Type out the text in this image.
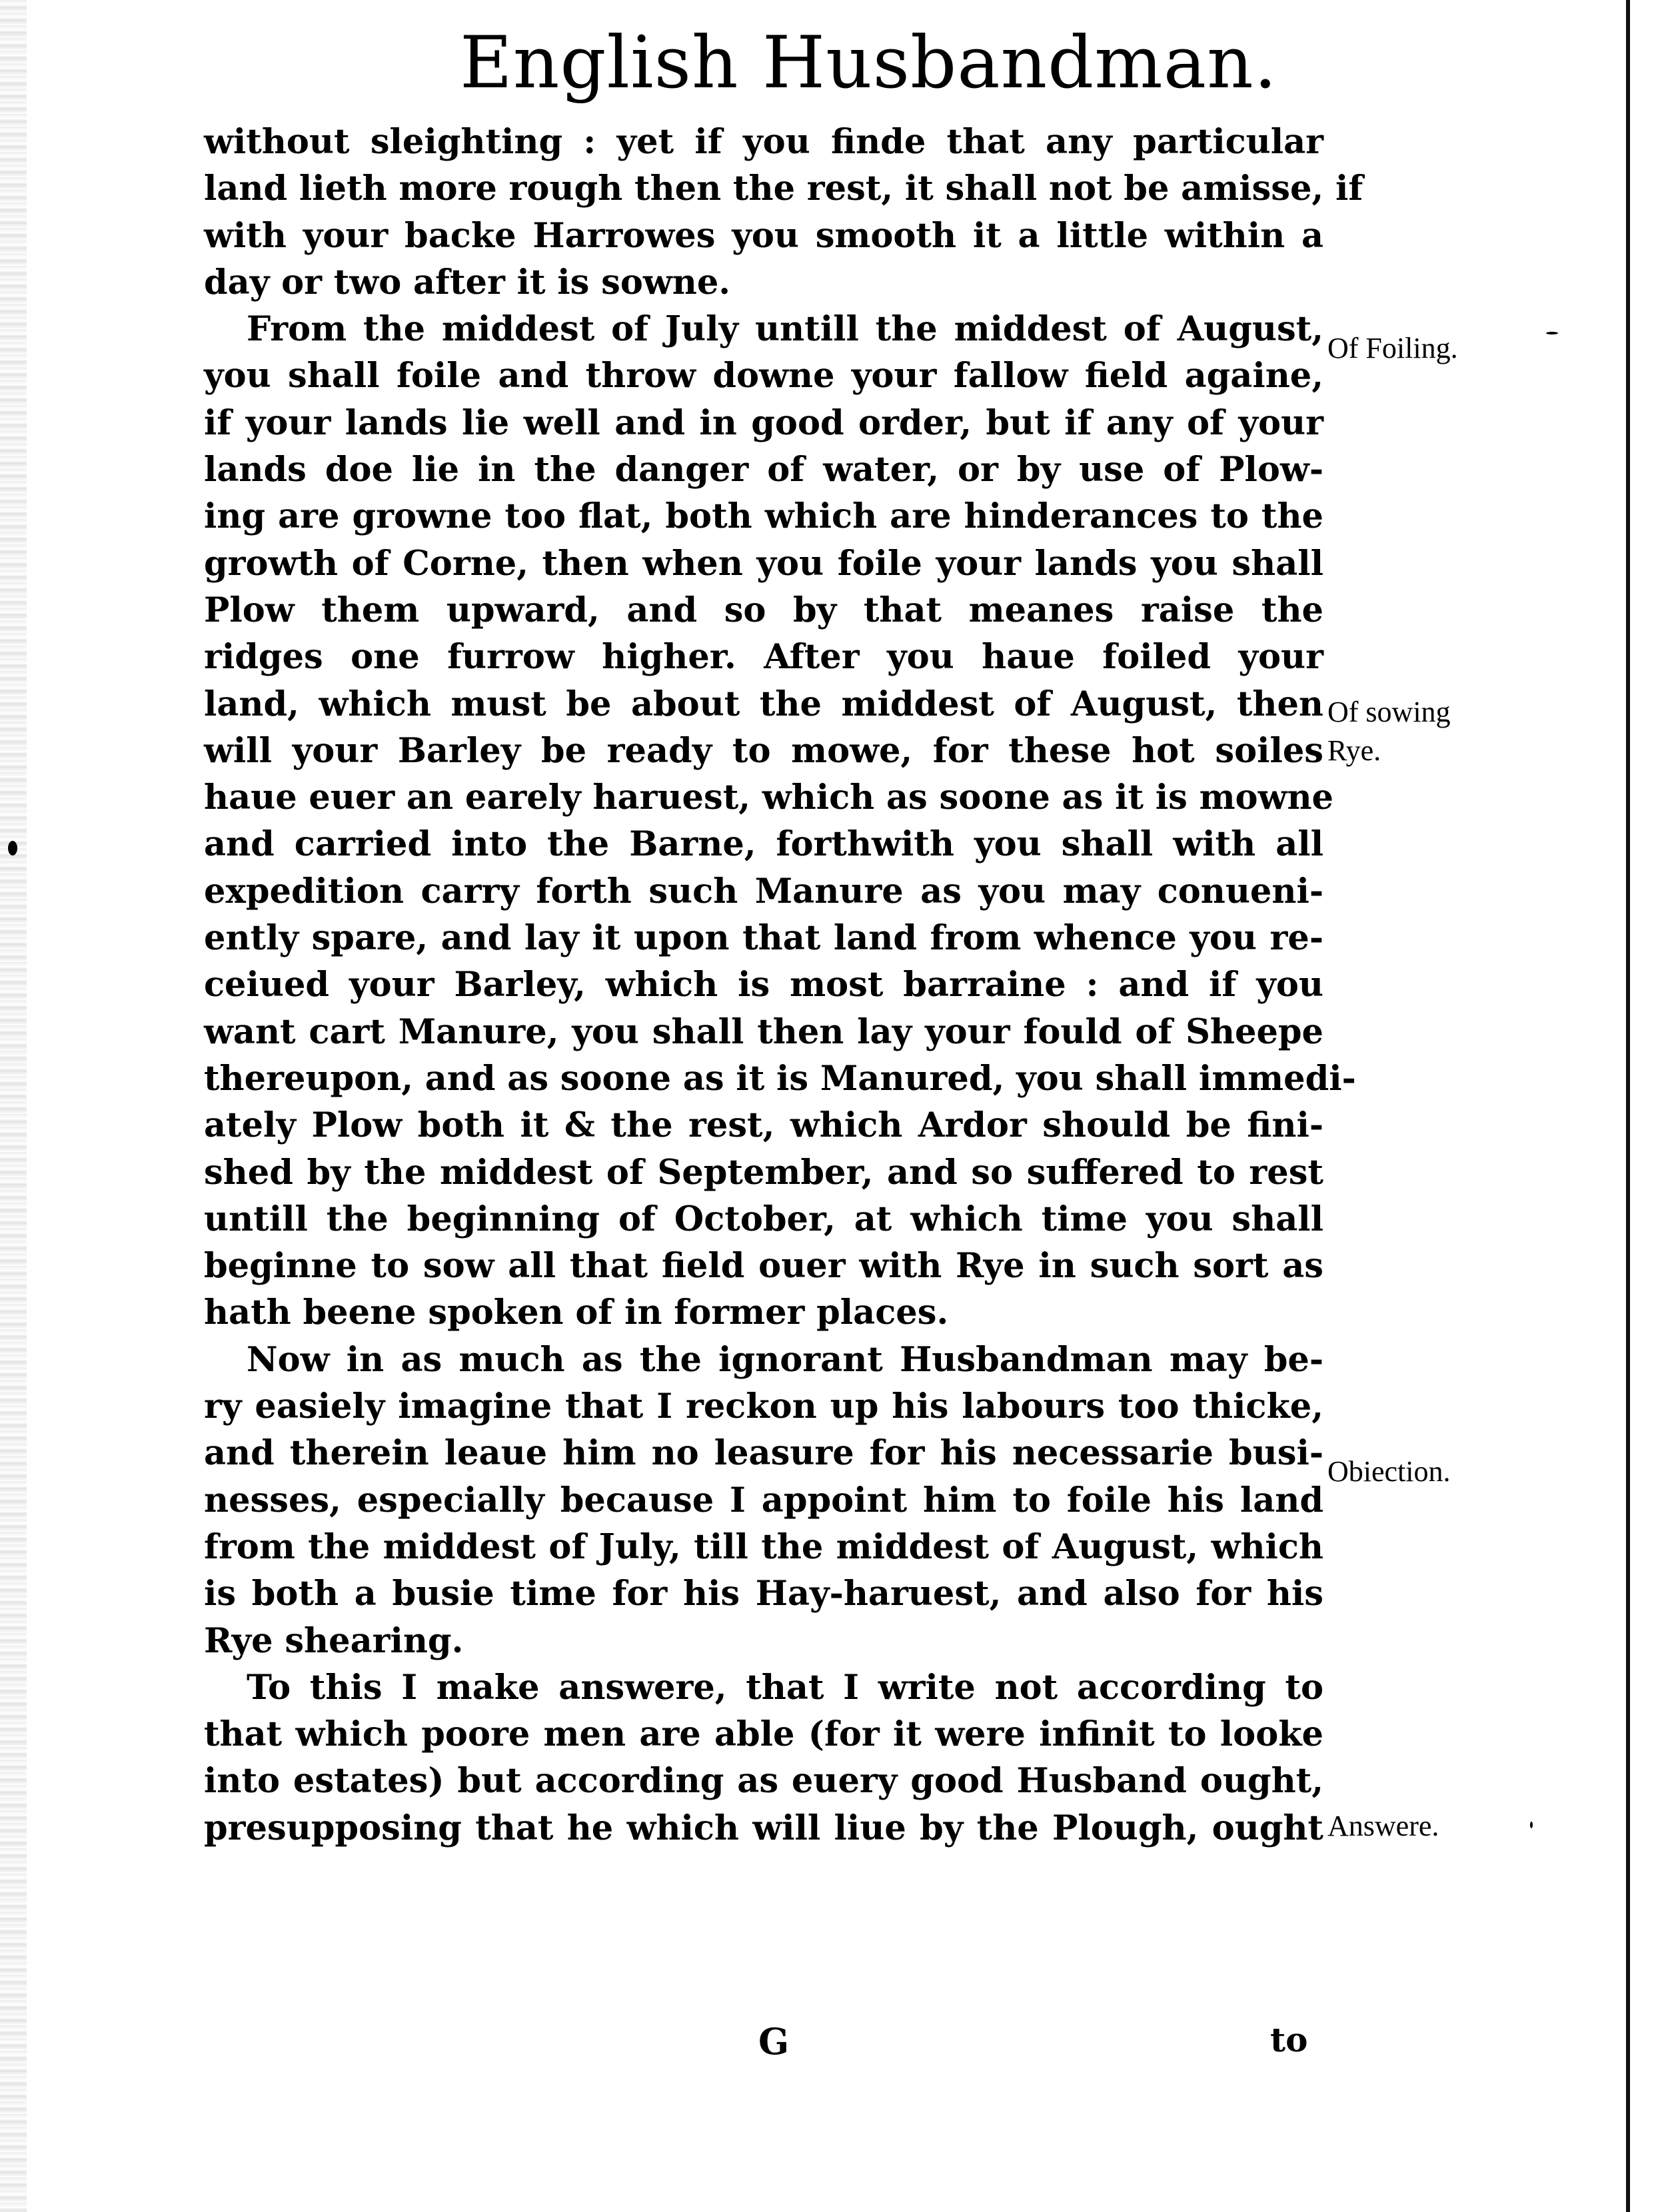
English Husbandman.
without sleighting : yet if you finde that any particular
land lieth more rough then the rest, it shall not be amisse, if
with your backe Harrowes you smooth it a little within a
day or two after it is sowne.
From the middest of July untill the middest of August,
you shall foile and throw downe your fallow field againe,
if your lands lie well and in good order, but if any of your
lands doe lie in the danger of water, or by use of Plow-
ing are growne too flat, both which are hinderances to the
growth of Corne, then when you foile your lands you shall
Plow them upward, and so by that meanes raise the
ridges one furrow higher. After you haue foiled your
land, which must be about the middest of August, then
will your Barley be ready to mowe, for these hot soiles
haue euer an earely haruest, which as soone as it is mowne
and carried into the Barne, forthwith you shall with all
expedition carry forth such Manure as you may conueni-
ently spare, and lay it upon that land from whence you re-
ceiued your Barley, which is most barraine : and if you
want cart Manure, you shall then lay your fould of Sheepe
thereupon, and as soone as it is Manured, you shall immedi-
ately Plow both it & the rest, which Ardor should be fini-
shed by the middest of September, and so suffered to rest
untill the beginning of October, at which time you shall
beginne to sow all that field ouer with Rye in such sort as
hath beene spoken of in former places.
Now in as much as the ignorant Husbandman may be-
ry easiely imagine that I reckon up his labours too thicke,
and therein leaue him no leasure for his necessarie busi-
nesses, especially because I appoint him to foile his land
from the middest of July, till the middest of August, which
is both a busie time for his Hay-haruest, and also for his
Rye shearing.
To this I make answere, that I write not according to
that which poore men are able (for it were infinit to looke
into estates) but according as euery good Husband ought,
presupposing that he which will liue by the Plough, ought
Of Foiling.
Of sowing
Rye.
Obiection.
Answere.
G	to
